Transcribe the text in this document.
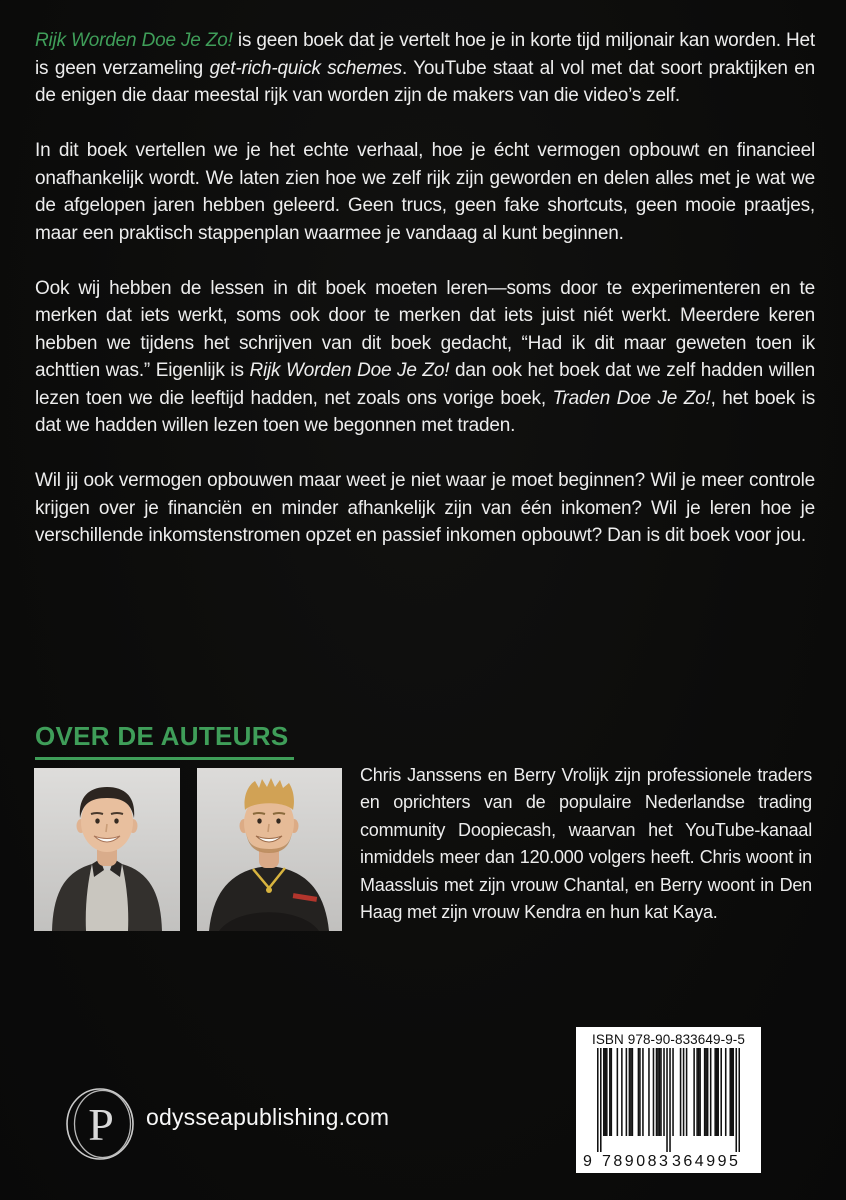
Rijk Worden Doe Je Zo! is geen boek dat je vertelt hoe je in korte tijd miljonair kan worden. Het is geen verzameling get-rich-quick schemes. YouTube staat al vol met dat soort praktijken en de enigen die daar meestal rijk van worden zijn de makers van die video’s zelf.

In dit boek vertellen we je het echte verhaal, hoe je écht vermogen opbouwt en financieel onafhankelijk wordt. We laten zien hoe we zelf rijk zijn geworden en delen alles met je wat we de afgelopen jaren hebben geleerd. Geen trucs, geen fake shortcuts, geen mooie praatjes, maar een praktisch stappenplan waarmee je vandaag al kunt beginnen.

Ook wij hebben de lessen in dit boek moeten leren—soms door te experimenteren en te merken dat iets werkt, soms ook door te merken dat iets juist niét werkt. Meerdere keren hebben we tijdens het schrijven van dit boek gedacht, “Had ik dit maar geweten toen ik achttien was.” Eigenlijk is Rijk Worden Doe Je Zo! dan ook het boek dat we zelf hadden willen lezen toen we die leeftijd hadden, net zoals ons vorige boek, Traden Doe Je Zo!, het boek is dat we hadden willen lezen toen we begonnen met traden.

Wil jij ook vermogen opbouwen maar weet je niet waar je moet beginnen? Wil je meer controle krijgen over je financiën en minder afhankelijk zijn van één inkomen? Wil je leren hoe je verschillende inkomstenstromen opzet en passief inkomen opbouwt? Dan is dit boek voor jou.

OVER DE AUTEURS

Chris Janssens en Berry Vrolijk zijn professionele traders en oprichters van de populaire Nederlandse trading community Doopiecash, waarvan het YouTube-kanaal inmiddels meer dan 120.000 volgers heeft. Chris woont in Maassluis met zijn vrouw Chantal, en Berry woont in Den Haag met zijn vrouw Kendra en hun kat Kaya.

P odysseapublishing.com
ISBN 978-90-833649-9-5
9 789083 364995
